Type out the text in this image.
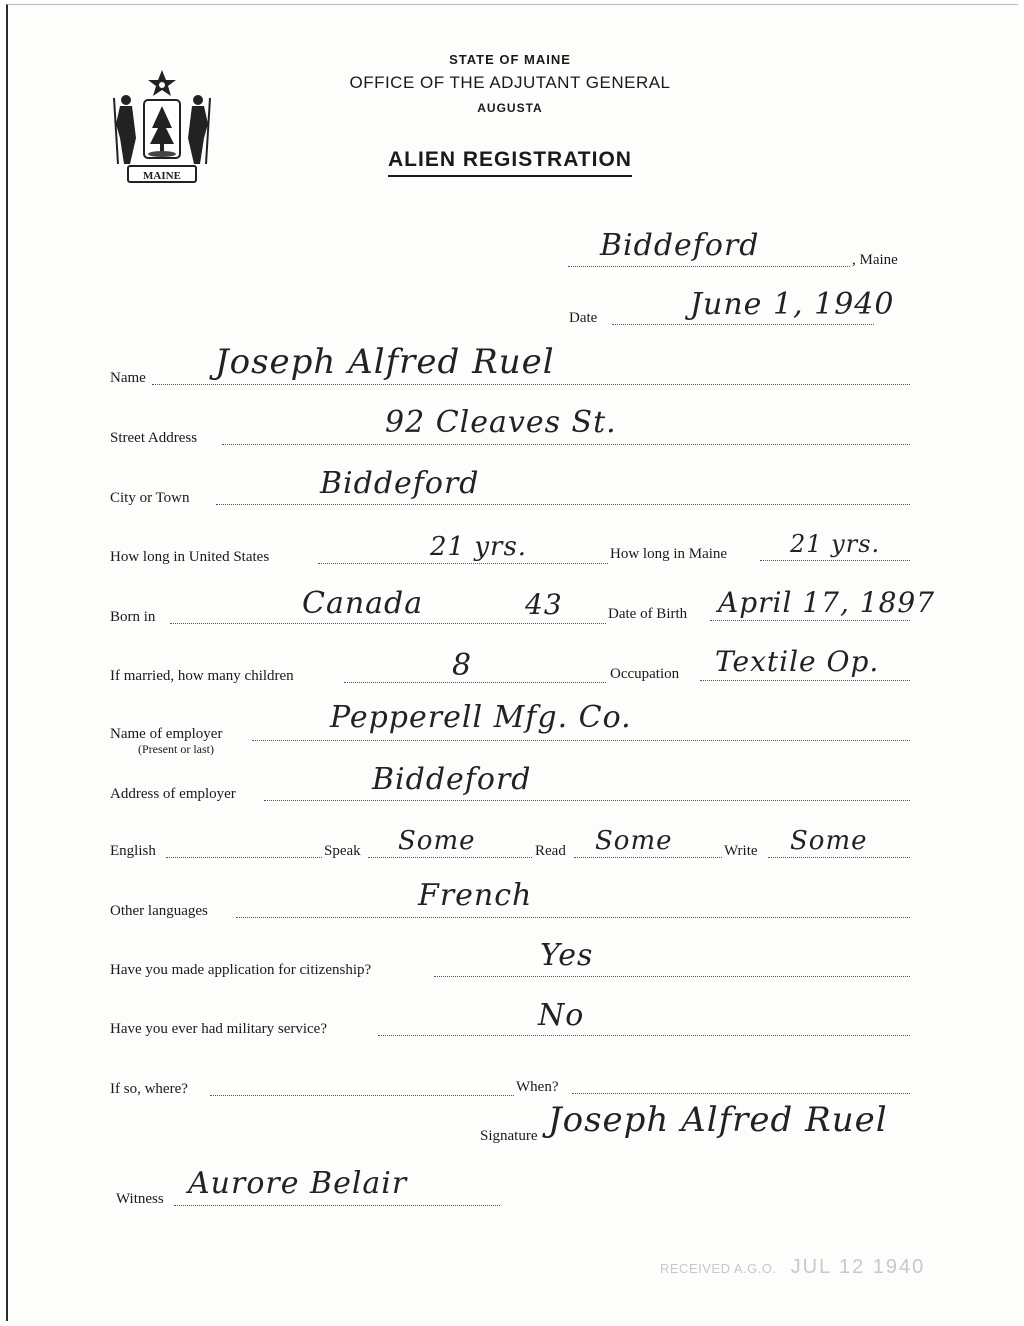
MAINE
STATE OF MAINE
OFFICE OF THE ADJUTANT GENERAL
AUGUSTA
ALIEN REGISTRATION
Biddeford	, Maine
Date	June 1, 1940
Name Joseph Alfred Ruel
Street Address	92 Cleaves St.
City or Town	Biddeford
How long in United States	21 yrs.	How long in Maine	21 yrs.
Born in	Canada	43	Date of Birth April 17, 1897
If married, how many children	8	Occupation Textile Op.
Name of employer
(Present or last)
Pepperell Mfg. Co.
Address of employer	Biddeford
English	Speak Some	Read Some	Write Some
Other languages	French
Have you made application for citizenship?	Yes
Have you ever had military service?	No
If so, where?	When?
Signature Joseph Alfred Ruel
Witness Aurore Belair
RECEIVED A.G.O. JUL 12 1940
